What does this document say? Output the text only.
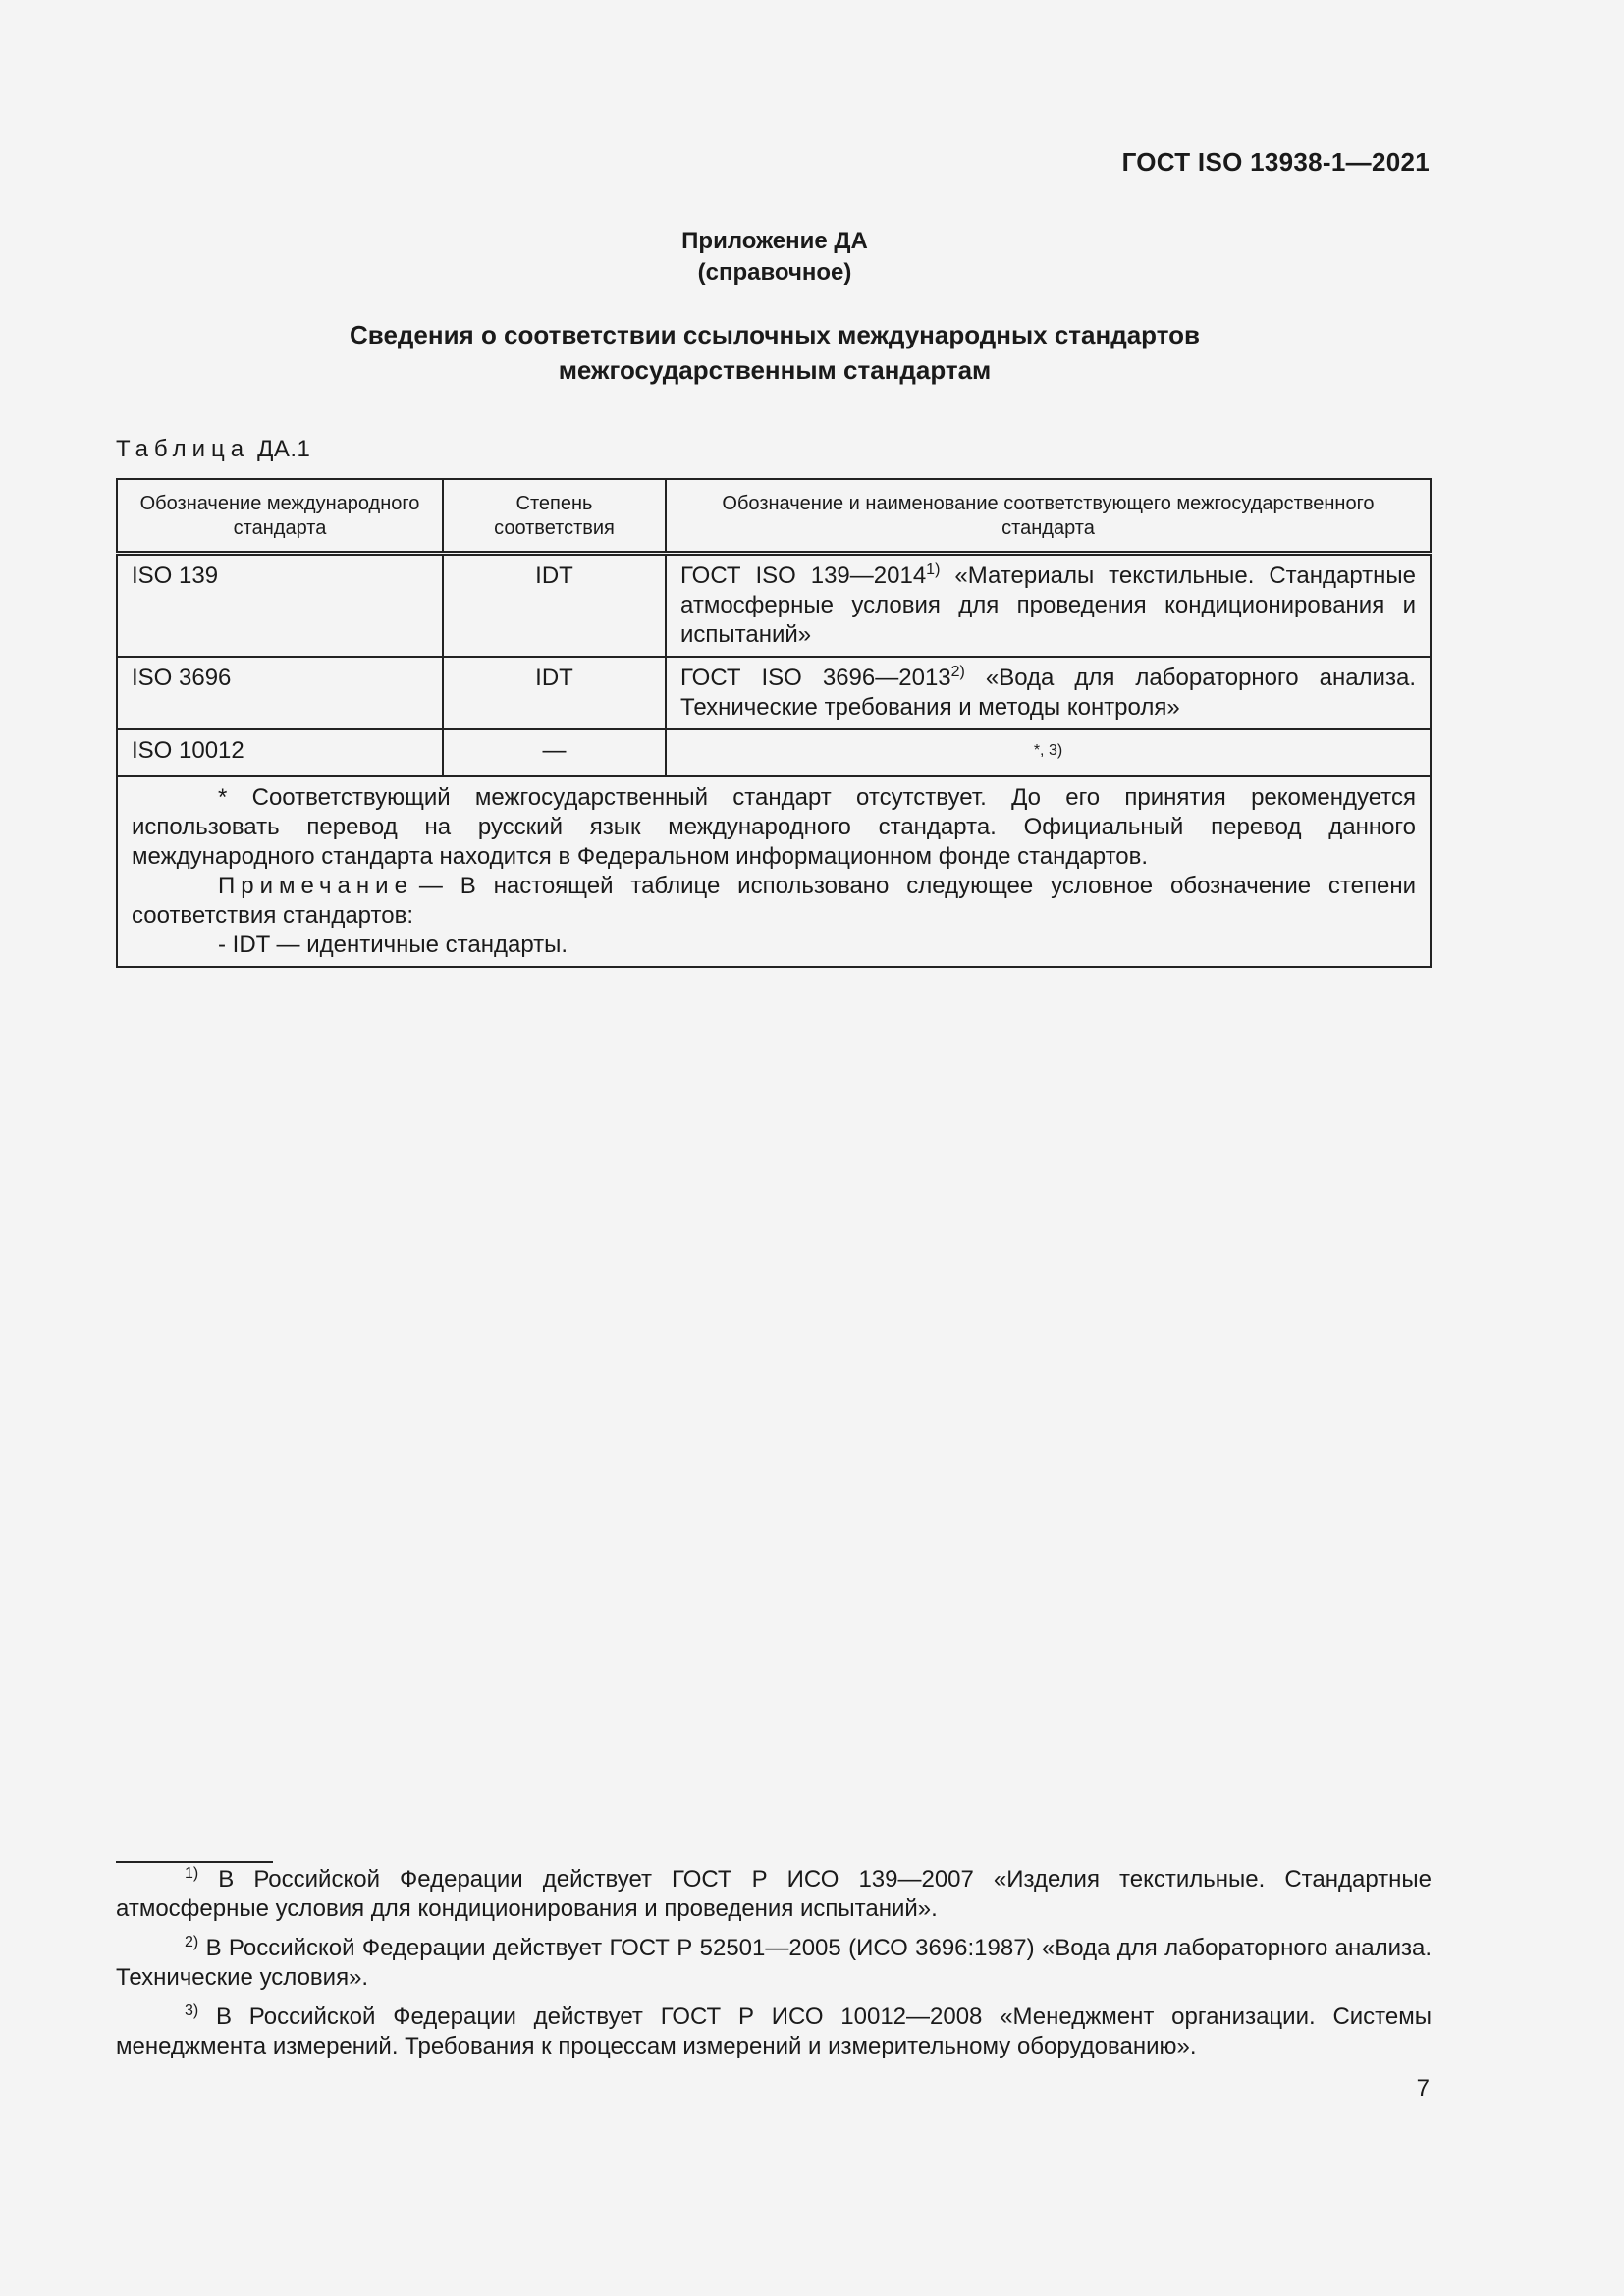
ГОСТ ISO 13938-1—2021
Приложение ДА
(справочное)
Сведения о соответствии ссылочных международных стандартов
межгосударственным стандартам
Таблица ДА.1
Обозначение международного стандарта	Степень соответствия	Обозначение и наименование соответствующего межгосударственного стандарта
ISO 139	IDT	ГОСТ ISO 139—2014$^{1)}$ «Материалы текстильные. Стандартные атмосферные условия для проведения кондиционирования и испытаний»
ISO 3696	IDT	ГОСТ ISO 3696—2013$^{2)}$ «Вода для лабораторного анализа. Технические требования и методы контроля»
ISO 10012	—	*, 3)

* Соответствующий межгосударственный стандарт отсутствует. До его принятия рекомендуется использовать перевод на русский язык международного стандарта. Официальный перевод данного международного стандарта находится в Федеральном информационном фонде стандартов.
Примечание — В настоящей таблице использовано следующее условное обозначение степени соответствия стандартов:
- IDT — идентичные стандарты.		

$^{1)}$ В Российской Федерации действует ГОСТ Р ИСО 139—2007 «Изделия текстильные. Стандартные атмосферные условия для кондиционирования и проведения испытаний».

$^{2)}$ В Российской Федерации действует ГОСТ Р 52501—2005 (ИСО 3696:1987) «Вода для лабораторного анализа. Технические условия».

$^{3)}$ В Российской Федерации действует ГОСТ Р ИСО 10012—2008 «Менеджмент организации. Системы менеджмента измерений. Требования к процессам измерений и измерительному оборудованию».

7
